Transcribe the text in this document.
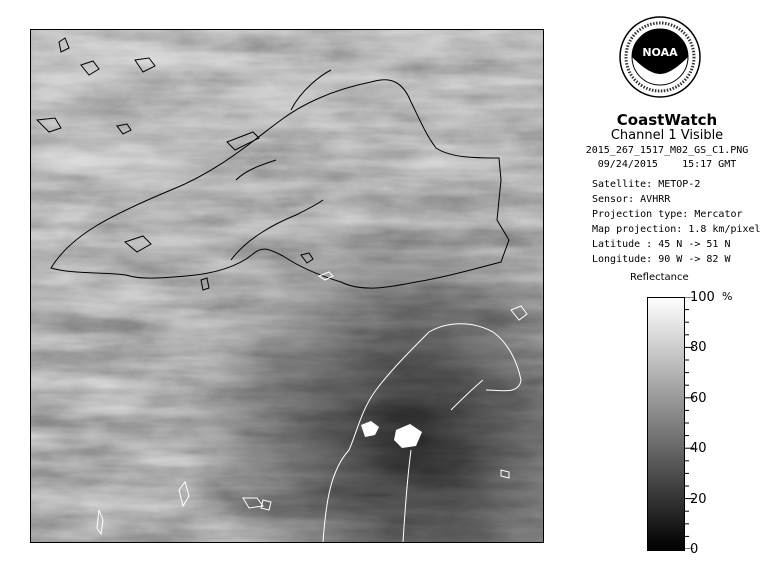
NOAA
CoastWatch
Channel 1 Visible
2015_267_1517_M02_GS_C1.PNG
09/24/2015 15:17 GMT
Satellite: METOP-2
Sensor: AVHRR
Projection type: Mercator
Map projection: 1.8 km/pixel
Latitude : 45 N -> 51 N
Longitude: 90 W -> 82 W
Reflectance
%
100
80
60
40
20
0
